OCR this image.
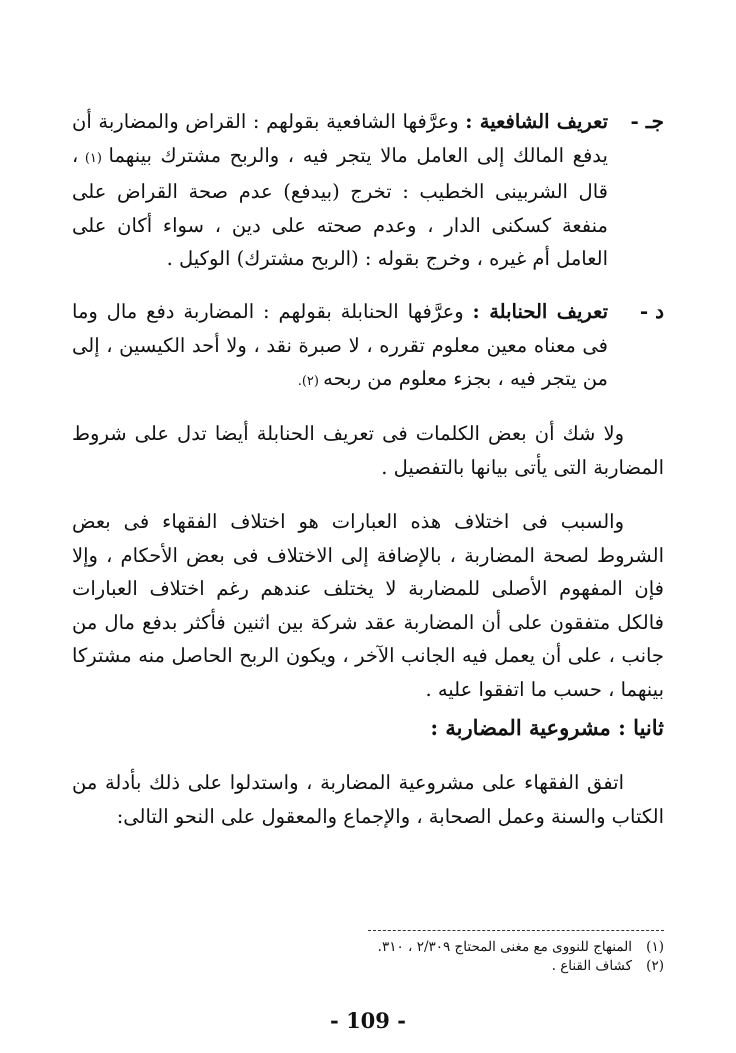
جـ -
تعريف الشافعية : وعرَّفها الشافعية بقولهم : القراض والمضاربة أن يدفع المالك إلى العامل مالا يتجر فيه ، والربح مشترك بينهما (١) ، قال الشربينى الخطيب : تخرج (بيدفع) عدم صحة القراض على منفعة كسكنى الدار ، وعدم صحته على دين ، سواء أكان على العامل أم غيره ، وخرج بقوله : (الربح مشترك) الوكيل .
د -
تعريف الحنابلة : وعرَّفها الحنابلة بقولهم : المضاربة دفع مال وما فى معناه معين معلوم تقرره ، لا صبرة نقد ، ولا أحد الكيسين ، إلى من يتجر فيه ، بجزء معلوم من ربحه (٢).
ولا شك أن بعض الكلمات فى تعريف الحنابلة أيضا تدل على شروط المضاربة التى يأتى بيانها بالتفصيل .
والسبب فى اختلاف هذه العبارات هو اختلاف الفقهاء فى بعض الشروط لصحة المضاربة ، بالإضافة إلى الاختلاف فى بعض الأحكام ، وإلا فإن المفهوم الأصلى للمضاربة لا يختلف عندهم رغم اختلاف العبارات فالكل متفقون على أن المضاربة عقد شركة بين اثنين فأكثر بدفع مال من جانب ، على أن يعمل فيه الجانب الآخر ، ويكون الربح الحاصل منه مشتركا بينهما ، حسب ما اتفقوا عليه .
ثانيا : مشروعية المضاربة :
اتفق الفقهاء على مشروعية المضاربة ، واستدلوا على ذلك بأدلة من الكتاب والسنة وعمل الصحابة ، والإجماع والمعقول على النحو التالى:
(١)
المنهاج للنووى مع مغنى المحتاج ٢/٣٠٩ ، ٣١٠.
(٢)
كشاف القناع .
- 109 -
